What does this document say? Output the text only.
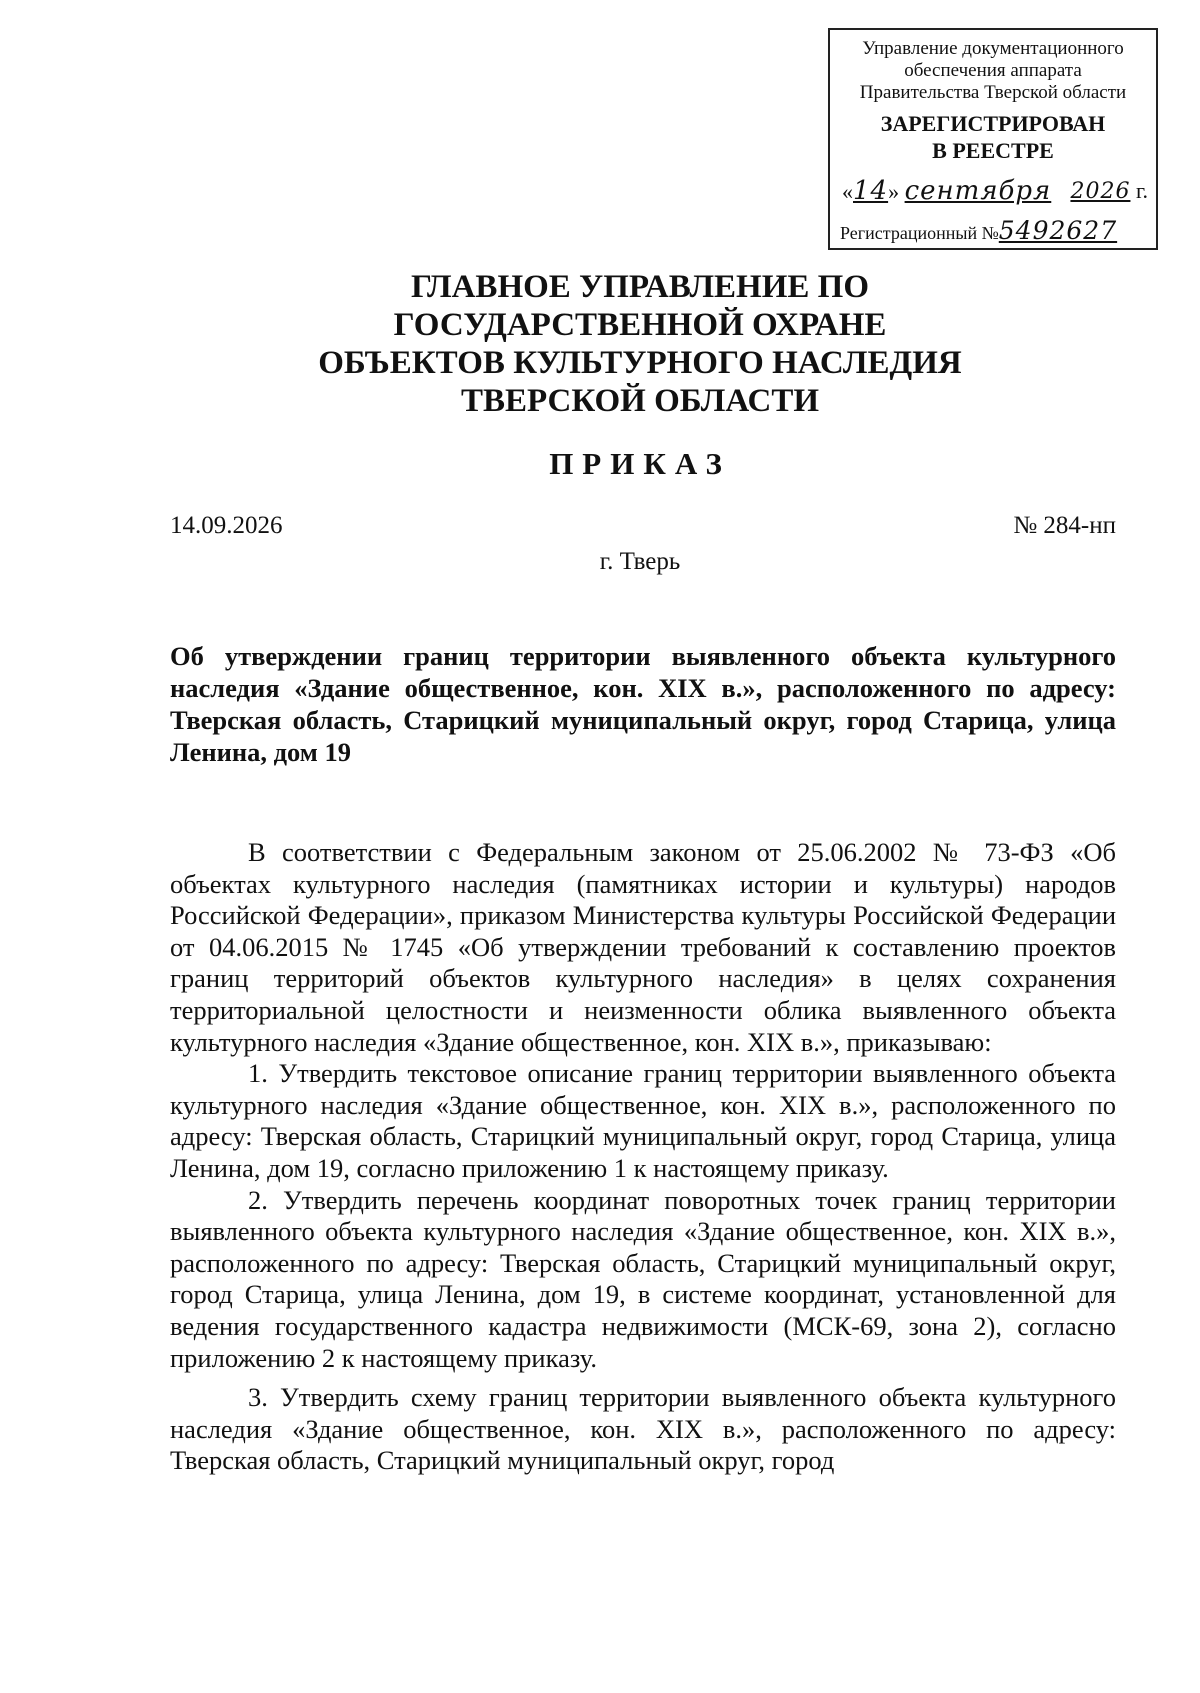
Управление документационного
обеспечения аппарата
Правительства Тверской области
ЗАРЕГИСТРИРОВАН
В РЕЕСТРЕ
«14» сентября 2026 г.
Регистрационный №5492627
ГЛАВНОЕ УПРАВЛЕНИЕ ПО
ГОСУДАРСТВЕННОЙ ОХРАНЕ
ОБЪЕКТОВ КУЛЬТУРНОГО НАСЛЕДИЯ
ТВЕРСКОЙ ОБЛАСТИ
ПРИКАЗ
14.09.2026	№ 284-нп
г. Тверь
Об утверждении границ территории выявленного объекта культурного наследия «Здание общественное, кон. XIX в.», расположенного по адресу: Тверская область, Старицкий муниципальный округ, город Старица, улица Ленина, дом 19

В соответствии с Федеральным законом от 25.06.2002 № 73-ФЗ «Об объектах культурного наследия (памятниках истории и культуры) народов Российской Федерации», приказом Министерства культуры Российской Федерации от 04.06.2015 № 1745 «Об утверждении требований к составлению проектов границ территорий объектов культурного наследия» в целях сохранения территориальной целостности и неизменности облика выявленного объекта культурного наследия «Здание общественное, кон. XIX в.», приказываю:

1. Утвердить текстовое описание границ территории выявленного объекта культурного наследия «Здание общественное, кон. XIX в.», расположенного по адресу: Тверская область, Старицкий муниципальный округ, город Старица, улица Ленина, дом 19, согласно приложению 1 к настоящему приказу.

2. Утвердить перечень координат поворотных точек границ территории выявленного объекта культурного наследия «Здание общественное, кон. XIX в.», расположенного по адресу: Тверская область, Старицкий муниципальный округ, город Старица, улица Ленина, дом 19, в системе координат, установленной для ведения государственного кадастра недвижимости (МСК-69, зона 2), согласно приложению 2 к настоящему приказу.

3. Утвердить схему границ территории выявленного объекта культурного наследия «Здание общественное, кон. XIX в.», расположенного по адресу: Тверская область, Старицкий муниципальный округ, город
